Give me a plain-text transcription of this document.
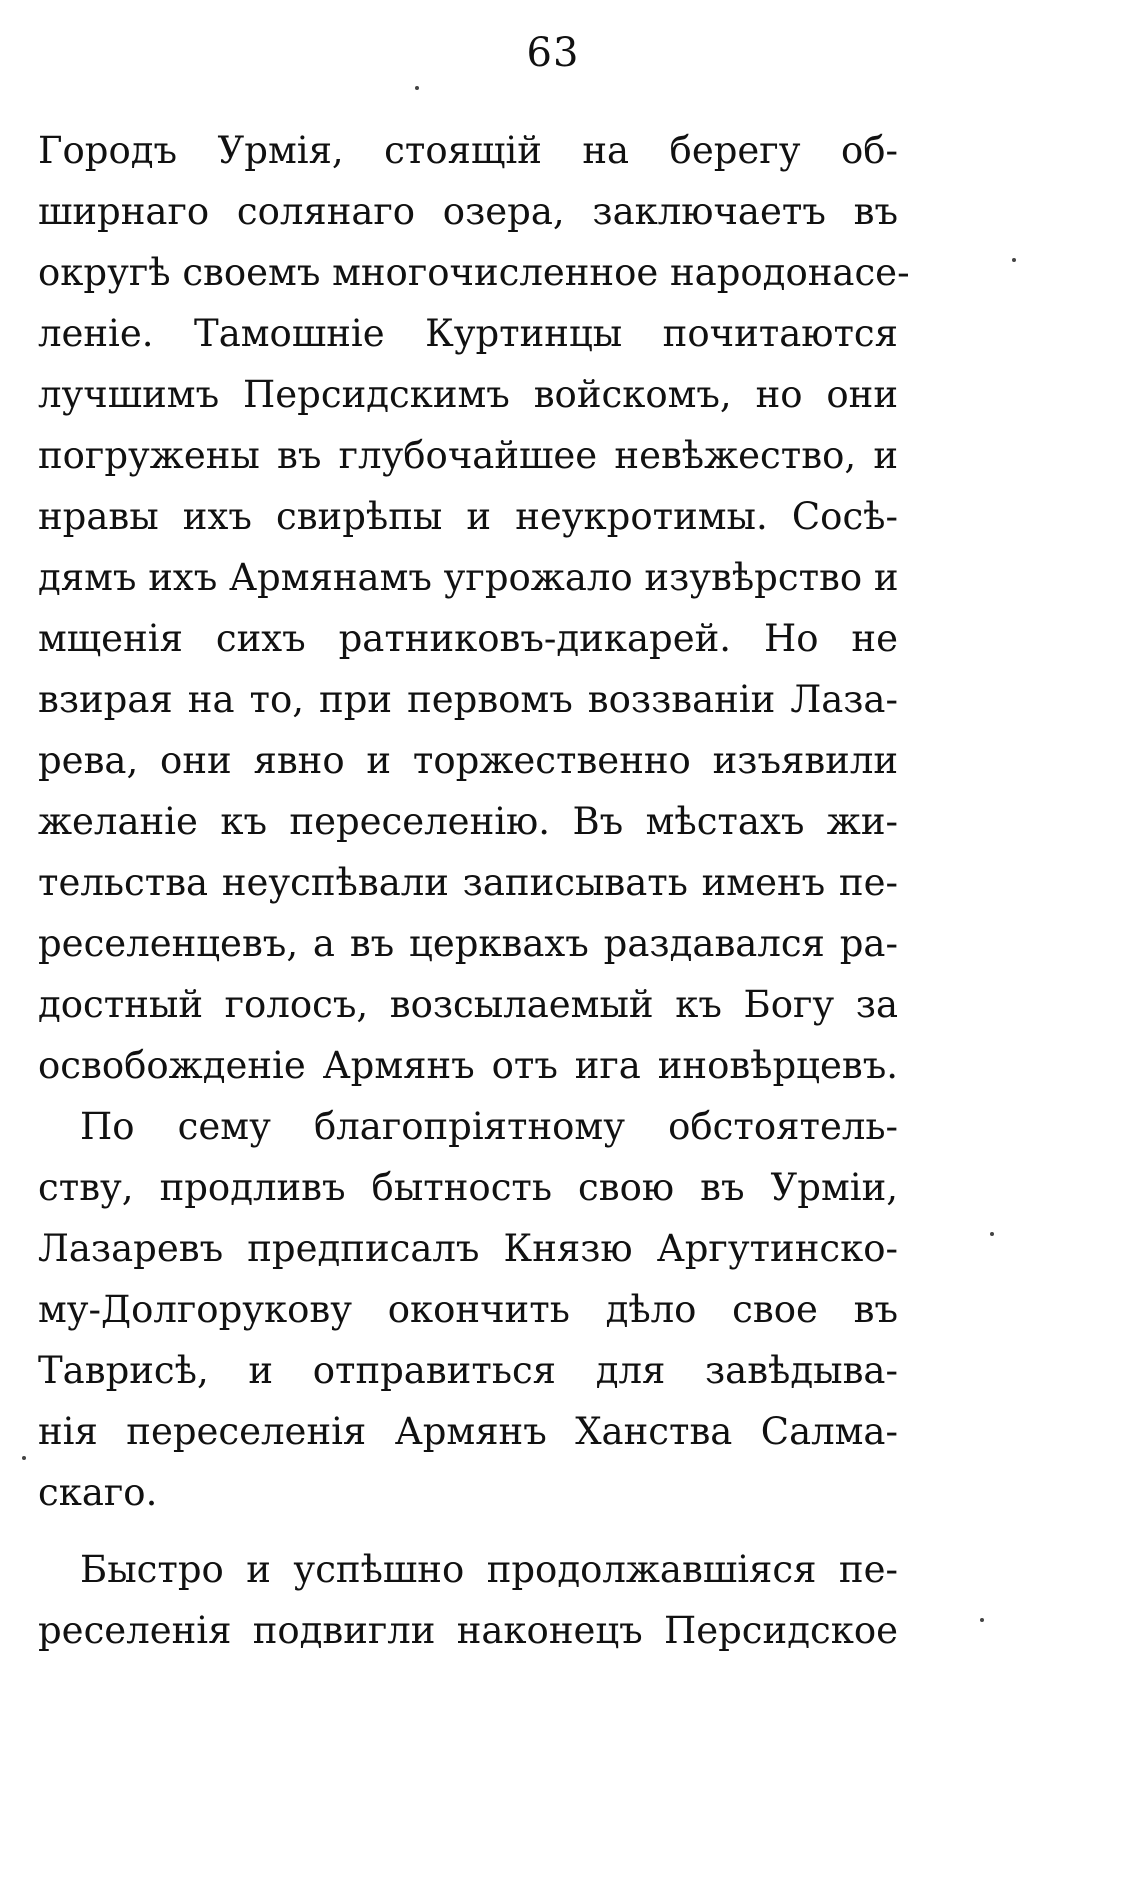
63
Городъ Урмія, стоящій на берегу об-
ширнаго солянаго озера, заключаетъ въ
округѣ своемъ многочисленное народонасе-
леніе. Тамошніе Куртинцы почитаются
лучшимъ Персидскимъ войскомъ, но они
погружены въ глубочайшее невѣжество, и
нравы ихъ свирѣпы и неукротимы. Сосѣ-
дямъ ихъ Армянамъ угрожало изувѣрство и
мщенія сихъ ратниковъ-дикарей. Но не
взирая на то, при первомъ воззваніи Лаза-
рева, они явно и торжественно изъявили
желаніе къ переселенію. Въ мѣстахъ жи-
тельства неуспѣвали записывать именъ пе-
реселенцевъ, а въ церквахъ раздавался ра-
достный голосъ, возсылаемый къ Богу за
освобожденіе Армянъ отъ ига иновѣрцевъ.
По сему благопріятному обстоятель-
ству, продливъ бытность свою въ Урміи,
Лазаревъ предписалъ Князю Аргутинско-
му-Долгорукову окончить дѣло свое въ
Таврисѣ, и отправиться для завѣдыва-
нія переселенія Армянъ Ханства Салма-
скаго.
Быстро и успѣшно продолжавшіяся пе-
реселенія подвигли наконецъ Персидское
